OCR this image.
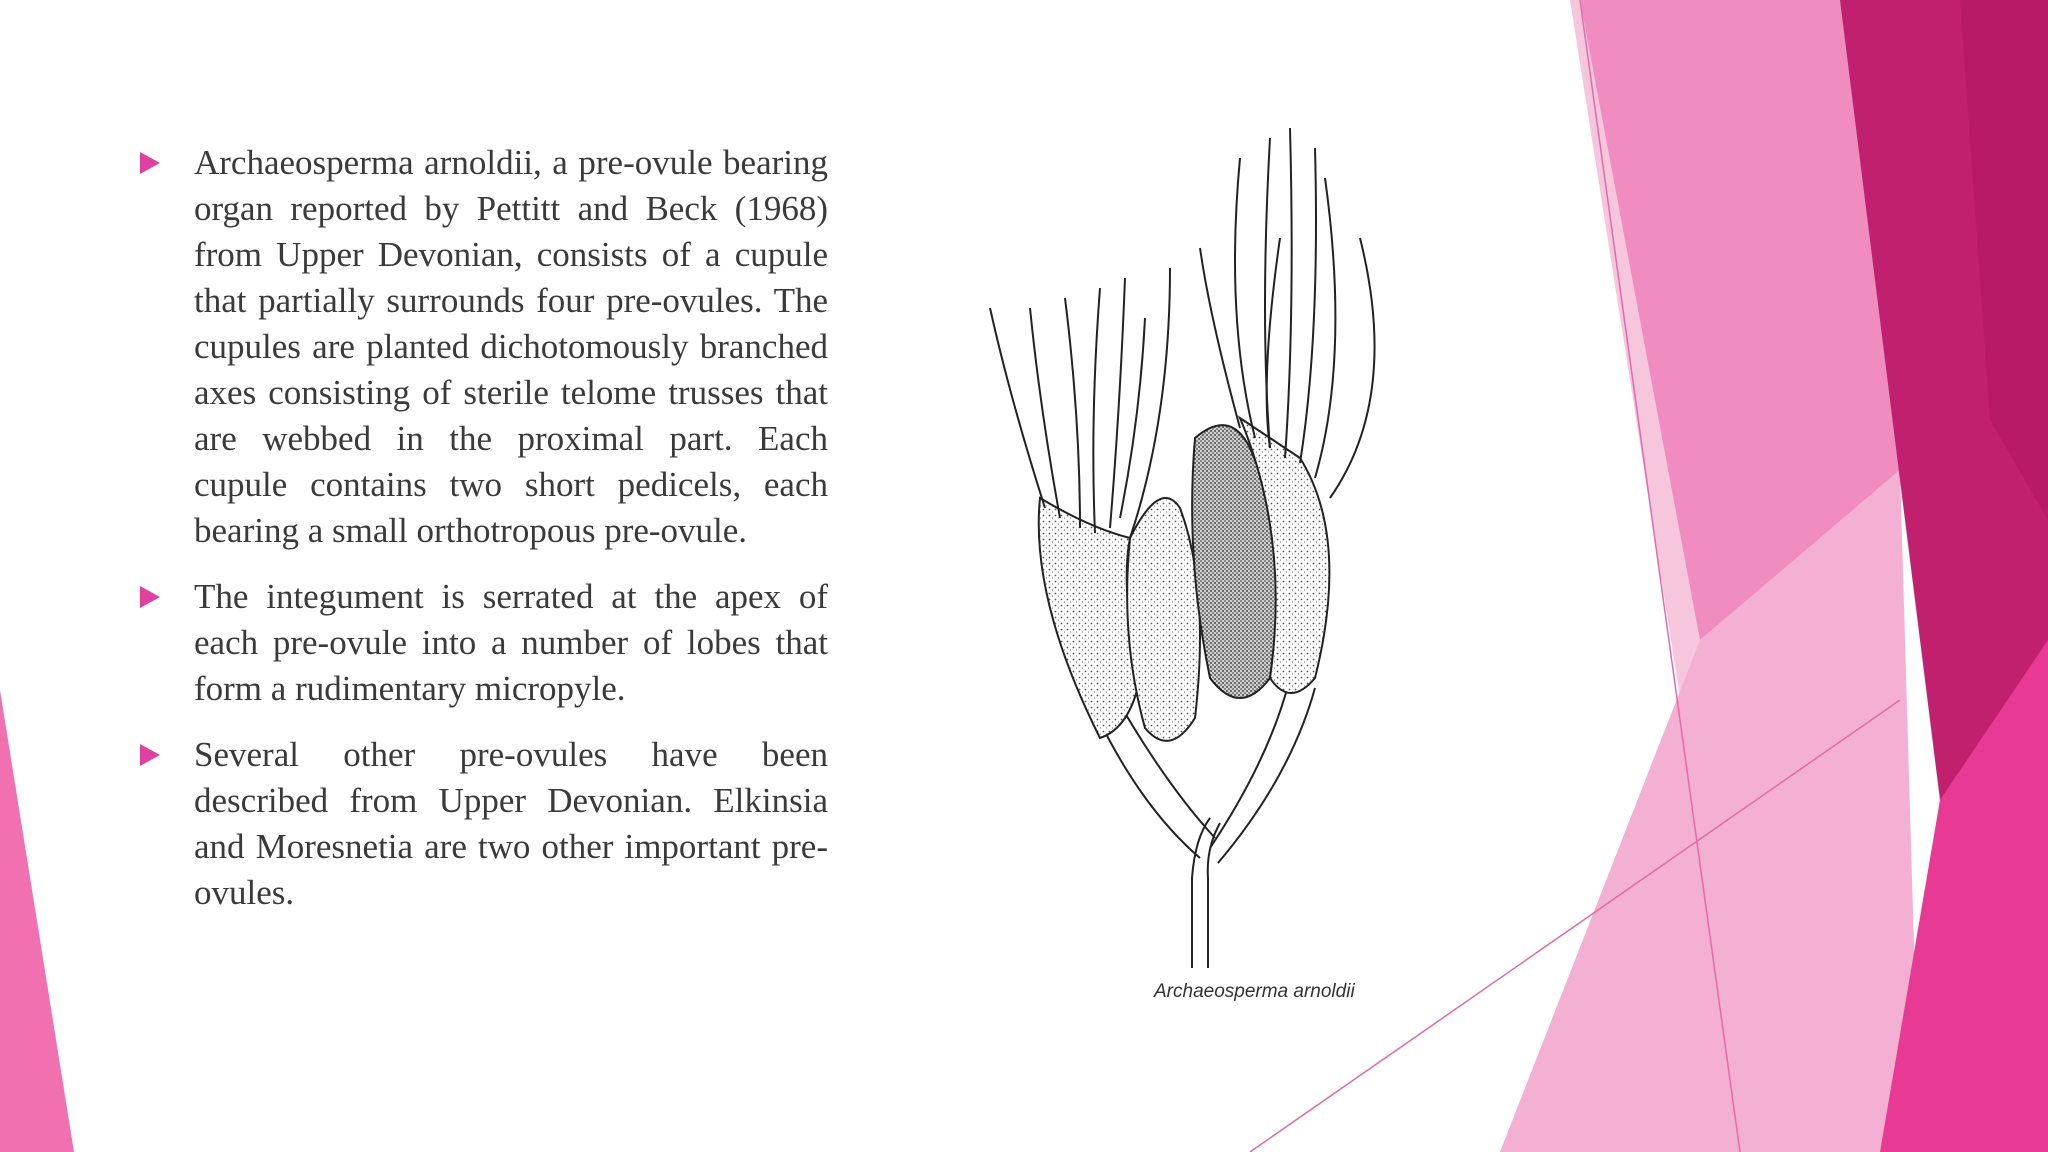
Archaeosperma arnoldii, a pre-ovule bearing organ reported by Pettitt and Beck (1968) from Upper Devonian, consists of a cupule that partially surrounds four pre-ovules. The cupules are planted dichotomously branched axes consisting of sterile telome trusses that are webbed in the proximal part. Each cupule contains two short pedicels, each bearing a small orthotropous pre-ovule.
The integument is serrated at the apex of each pre-ovule into a number of lobes that form a rudimentary micropyle.
Several other pre-ovules have been described from Upper Devonian. Elkinsia and Moresnetia are two other important pre-ovules.
Archaeosperma arnoldii
